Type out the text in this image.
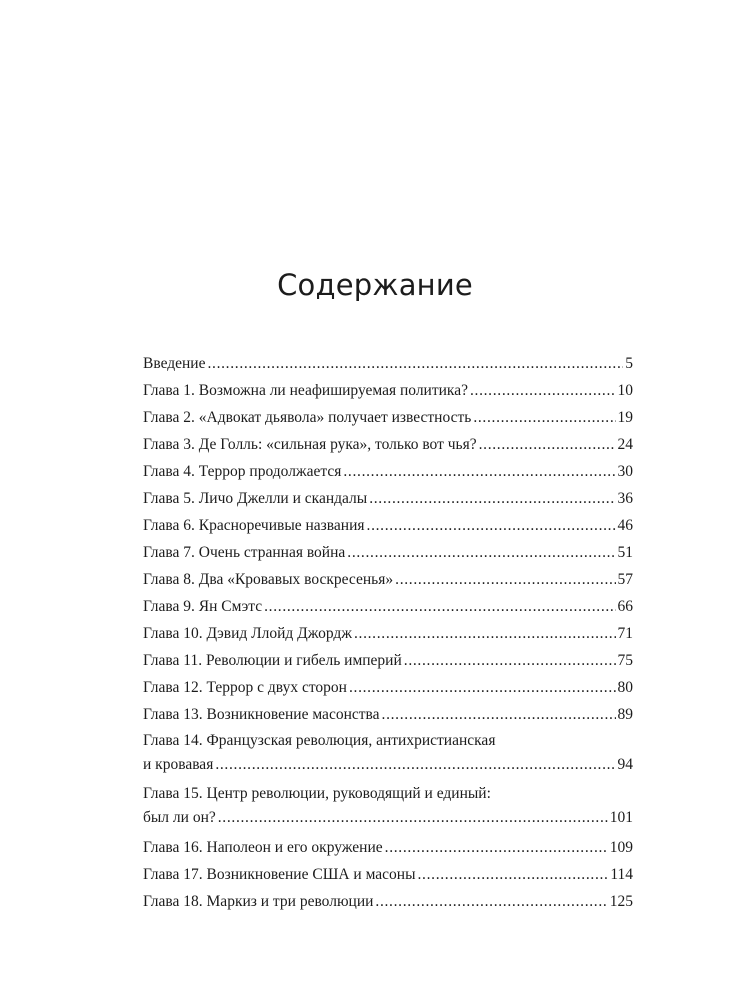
Содержание
Введение . . .	5
Глава 1. Возможна ли неафишируемая политика? . . .	10
Глава 2. «Адвокат дьявола» получает известность . . .	19
Глава 3. Де Голль: «сильная рука», только вот чья? . . .	24
Глава 4. Террор продолжается . . .	30
Глава 5. Личо Джелли и скандалы . . .	36
Глава 6. Красноречивые названия . . .	46
Глава 7. Очень странная война . . .	51
Глава 8. Два «Кровавых воскресенья» . . .	57
Глава 9. Ян Смэтс . . .	66
Глава 10. Дэвид Ллойд Джордж . . .	71
Глава 11. Революции и гибель империй . . .	75
Глава 12. Террор с двух сторон . . .	80
Глава 13. Возникновение масонства . . .	89
Глава 14. Французская революция, антихристианская
и кровавая . . .	94
Глава 15. Центр революции, руководящий и единый:
был ли он? . . .	101
Глава 16. Наполеон и его окружение . . .	109
Глава 17. Возникновение США и масоны . . .	114
Глава 18. Маркиз и три революции . . .	125
